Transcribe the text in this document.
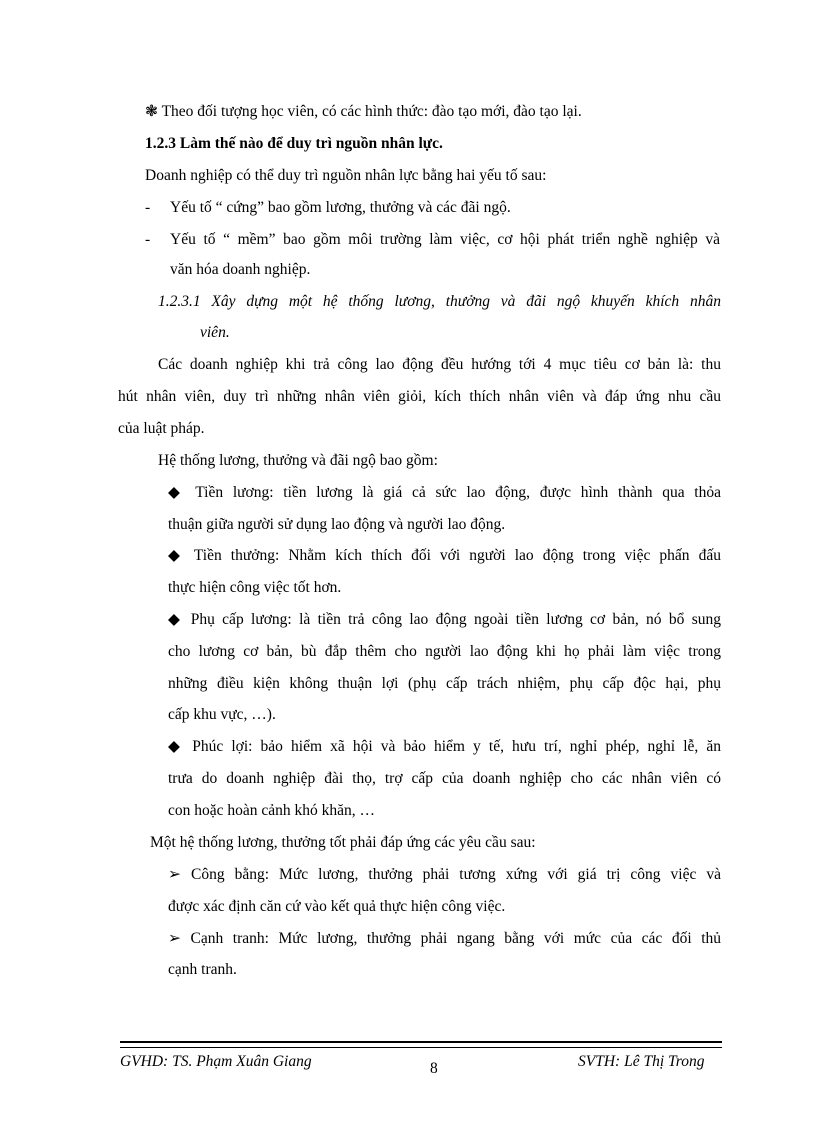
❃ Theo đối tượng học viên, có các hình thức: đào tạo mới, đào tạo lại.
1.2.3 Làm thế nào để duy trì nguồn nhân lực.
Doanh nghiệp có thể duy trì nguồn nhân lực bằng hai yếu tố sau:
- Yếu tố “ cứng” bao gồm lương, thưởng và các đãi ngộ.
- Yếu tố “ mềm” bao gồm môi trường làm việc, cơ hội phát triển nghề nghiệp và
văn hóa doanh nghiệp.
1.2.3.1 Xây dựng một hệ thống lương, thưởng và đãi ngộ khuyến khích nhân
viên.
Các doanh nghiệp khi trả công lao động đều hướng tới 4 mục tiêu cơ bản là: thu
hút nhân viên, duy trì những nhân viên giỏi, kích thích nhân viên và đáp ứng nhu cầu
của luật pháp.
Hệ thống lương, thưởng và đãi ngộ bao gồm:
◆ Tiền lương: tiền lương là giá cả sức lao động, được hình thành qua thỏa
thuận giữa người sử dụng lao động và người lao động.
◆ Tiền thưởng: Nhằm kích thích đối với người lao động trong việc phấn đấu
thực hiện công việc tốt hơn.
◆ Phụ cấp lương: là tiền trả công lao động ngoài tiền lương cơ bản, nó bổ sung
cho lương cơ bản, bù đắp thêm cho người lao động khi họ phải làm việc trong
những điều kiện không thuận lợi (phụ cấp trách nhiệm, phụ cấp độc hại, phụ
cấp khu vực, …).
◆ Phúc lợi: bảo hiểm xã hội và bảo hiểm y tế, hưu trí, nghỉ phép, nghỉ lễ, ăn
trưa do doanh nghiệp đài thọ, trợ cấp của doanh nghiệp cho các nhân viên có
con hoặc hoàn cảnh khó khăn, …
Một hệ thống lương, thưởng tốt phải đáp ứng các yêu cầu sau:
➢ Công bằng: Mức lương, thưởng phải tương xứng với giá trị công việc và
được xác định căn cứ vào kết quả thực hiện công việc.
➢ Cạnh tranh: Mức lương, thưởng phải ngang bằng với mức của các đối thủ
cạnh tranh.
GVHD: TS. Phạm Xuân Giang	8	SVTH: Lê Thị Trong
